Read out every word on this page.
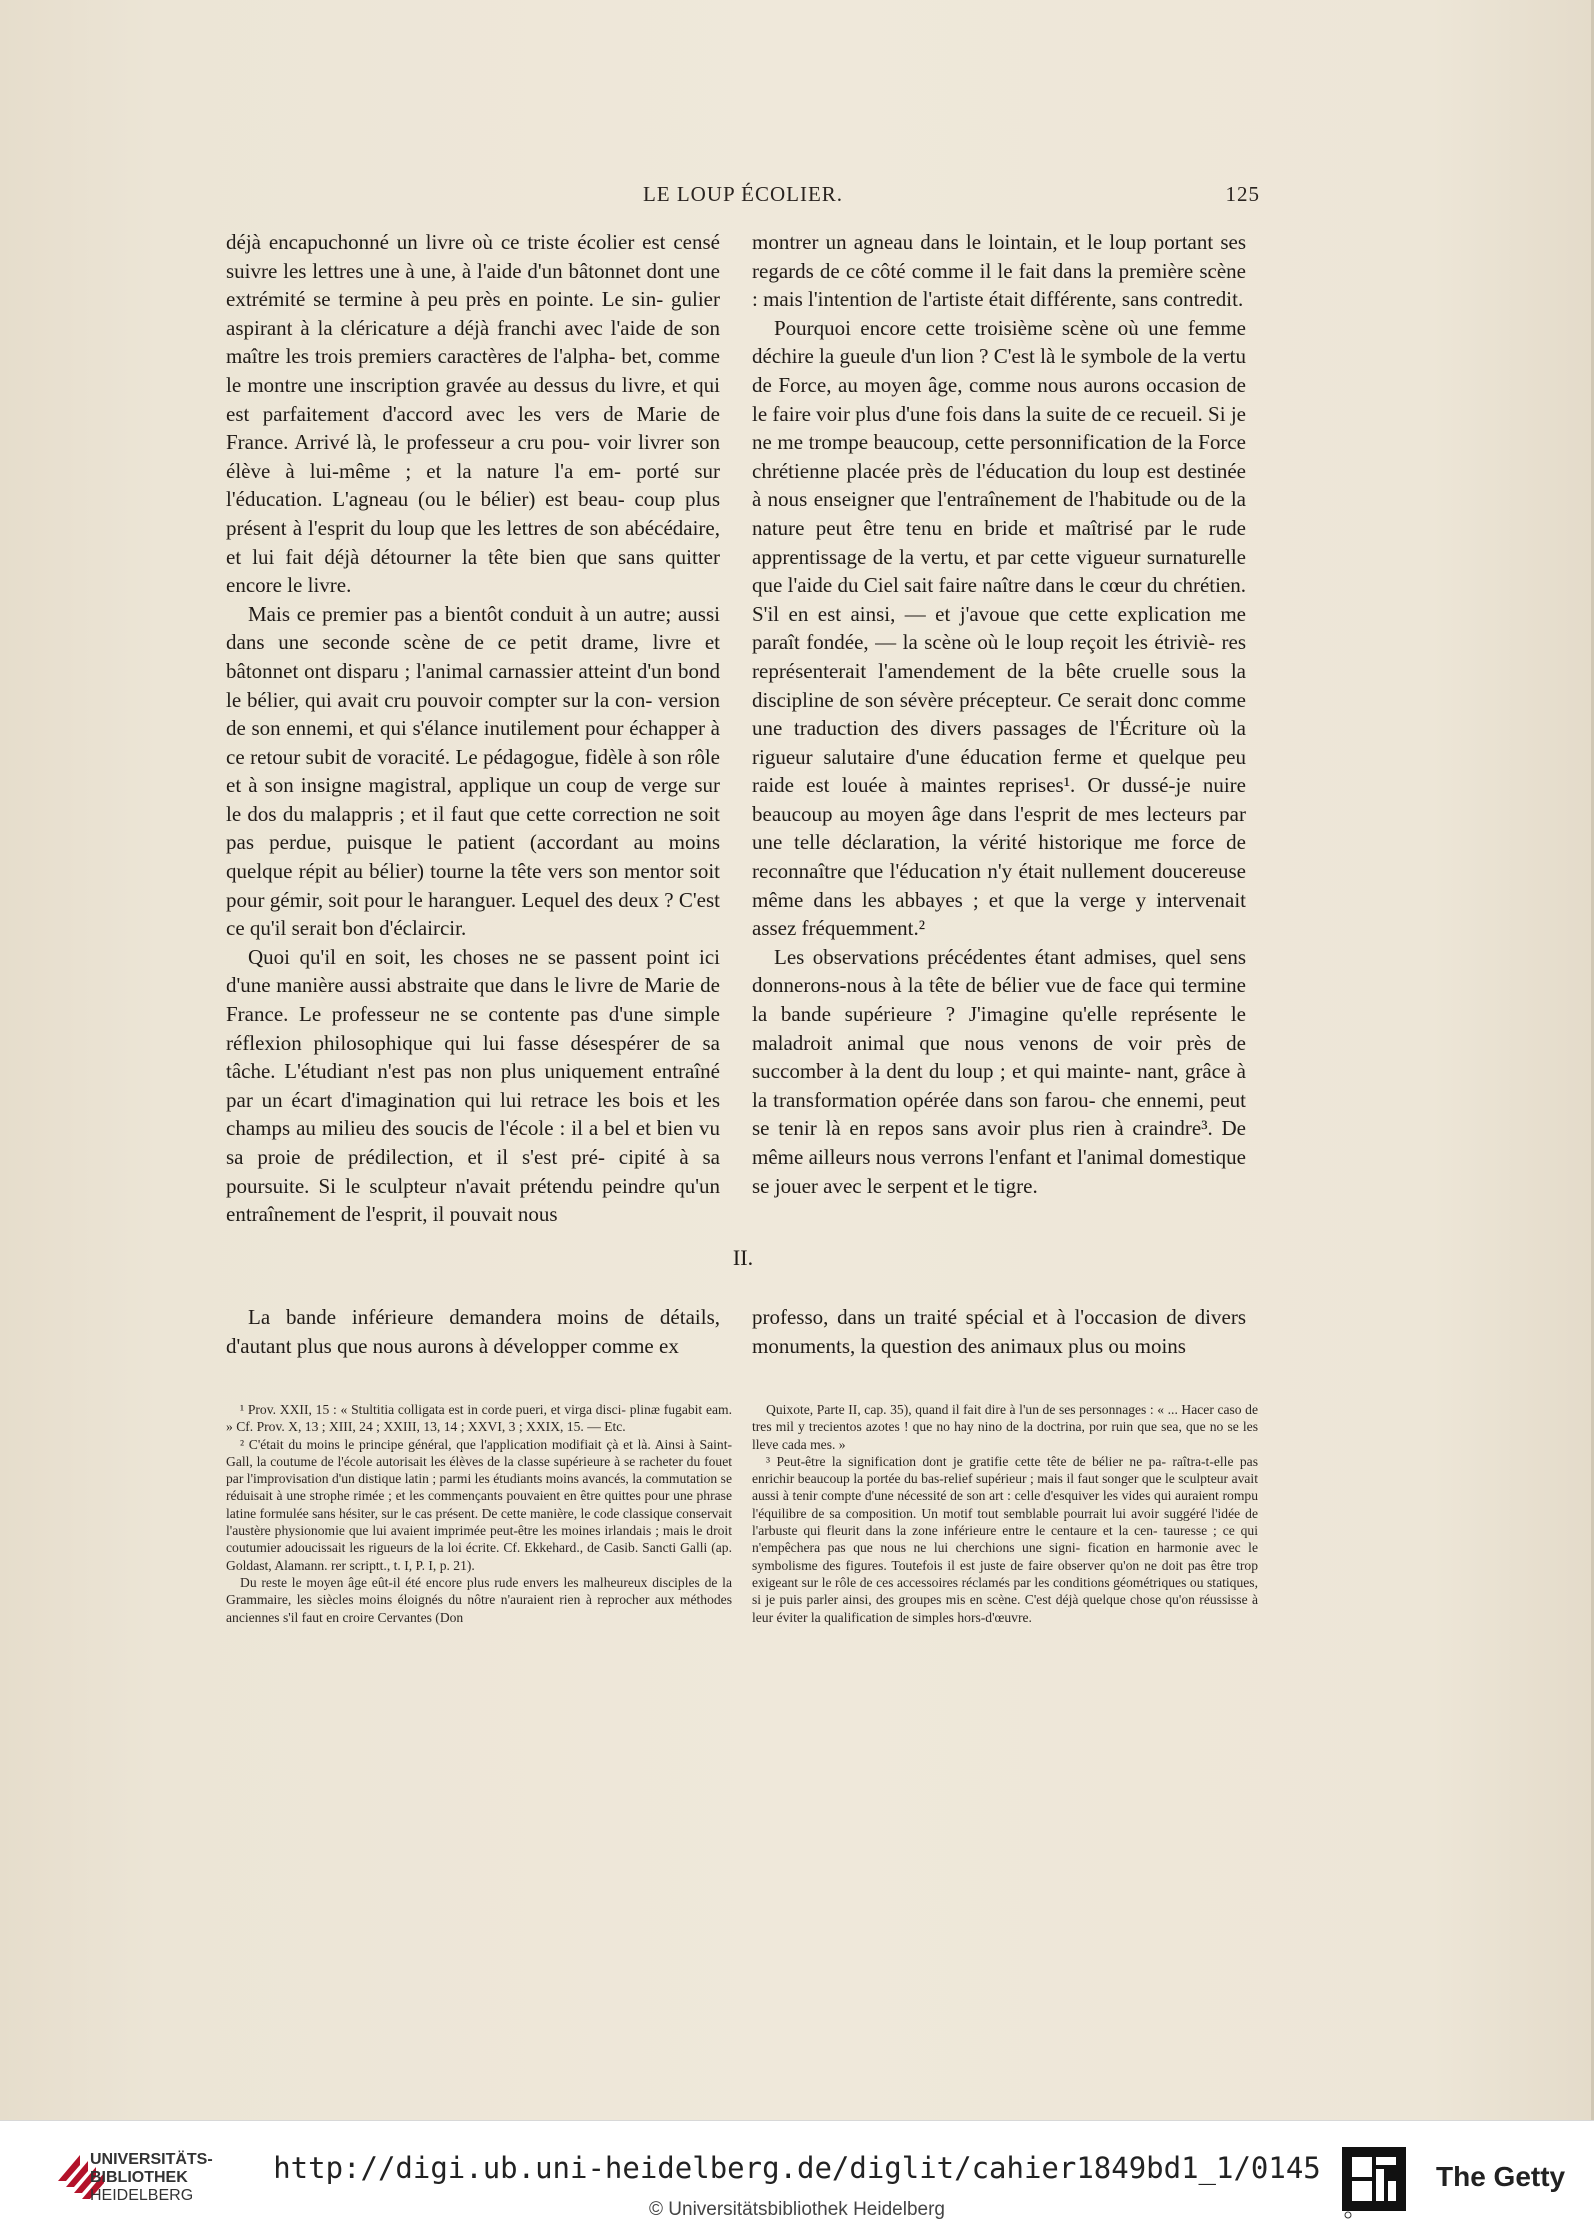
LE LOUP ÉCOLIER.	125

déjà encapuchonné un livre où ce triste écolier est censé suivre les lettres une à une, à l'aide d'un bâtonnet dont une extrémité se termine à peu près en pointe. Le sin- gulier aspirant à la cléricature a déjà franchi avec l'aide de son maître les trois premiers caractères de l'alpha- bet, comme le montre une inscription gravée au dessus du livre, et qui est parfaitement d'accord avec les vers de Marie de France. Arrivé là, le professeur a cru pou- voir livrer son élève à lui-même ; et la nature l'a em- porté sur l'éducation. L'agneau (ou le bélier) est beau- coup plus présent à l'esprit du loup que les lettres de son abécédaire, et lui fait déjà détourner la tête bien que sans quitter encore le livre.

Mais ce premier pas a bientôt conduit à un autre; aussi dans une seconde scène de ce petit drame, livre et bâtonnet ont disparu ; l'animal carnassier atteint d'un bond le bélier, qui avait cru pouvoir compter sur la con- version de son ennemi, et qui s'élance inutilement pour échapper à ce retour subit de voracité. Le pédagogue, fidèle à son rôle et à son insigne magistral, applique un coup de verge sur le dos du malappris ; et il faut que cette correction ne soit pas perdue, puisque le patient (accordant au moins quelque répit au bélier) tourne la tête vers son mentor soit pour gémir, soit pour le haranguer. Lequel des deux ? C'est ce qu'il serait bon d'éclaircir.

Quoi qu'il en soit, les choses ne se passent point ici d'une manière aussi abstraite que dans le livre de Marie de France. Le professeur ne se contente pas d'une simple réflexion philosophique qui lui fasse désespérer de sa tâche. L'étudiant n'est pas non plus uniquement entraîné par un écart d'imagination qui lui retrace les bois et les champs au milieu des soucis de l'école : il a bel et bien vu sa proie de prédilection, et il s'est pré- cipité à sa poursuite. Si le sculpteur n'avait prétendu peindre qu'un entraînement de l'esprit, il pouvait nous

montrer un agneau dans le lointain, et le loup portant ses regards de ce côté comme il le fait dans la première scène : mais l'intention de l'artiste était différente, sans contredit.

Pourquoi encore cette troisième scène où une femme déchire la gueule d'un lion ? C'est là le symbole de la vertu de Force, au moyen âge, comme nous aurons occasion de le faire voir plus d'une fois dans la suite de ce recueil. Si je ne me trompe beaucoup, cette personnification de la Force chrétienne placée près de l'éducation du loup est destinée à nous enseigner que l'entraînement de l'habitude ou de la nature peut être tenu en bride et maîtrisé par le rude apprentissage de la vertu, et par cette vigueur surnaturelle que l'aide du Ciel sait faire naître dans le cœur du chrétien. S'il en est ainsi, — et j'avoue que cette explication me paraît fondée, — la scène où le loup reçoit les étriviè- res représenterait l'amendement de la bête cruelle sous la discipline de son sévère précepteur. Ce serait donc comme une traduction des divers passages de l'Écriture où la rigueur salutaire d'une éducation ferme et quelque peu raide est louée à maintes reprises¹. Or dussé-je nuire beaucoup au moyen âge dans l'esprit de mes lecteurs par une telle déclaration, la vérité historique me force de reconnaître que l'éducation n'y était nullement doucereuse même dans les abbayes ; et que la verge y intervenait assez fréquemment.²

Les observations précédentes étant admises, quel sens donnerons-nous à la tête de bélier vue de face qui termine la bande supérieure ? J'imagine qu'elle représente le maladroit animal que nous venons de voir près de succomber à la dent du loup ; et qui mainte- nant, grâce à la transformation opérée dans son farou- che ennemi, peut se tenir là en repos sans avoir plus rien à craindre³. De même ailleurs nous verrons l'enfant et l'animal domestique se jouer avec le serpent et le tigre.

II.

La bande inférieure demandera moins de détails, d'autant plus que nous aurons à développer comme ex

professo, dans un traité spécial et à l'occasion de divers monuments, la question des animaux plus ou moins

¹ Prov. XXII, 15 : « Stultitia colligata est in corde pueri, et virga disci- plinæ fugabit eam. » Cf. Prov. X, 13 ; XIII, 24 ; XXIII, 13, 14 ; XXVI, 3 ; XXIX, 15. — Etc.

² C'était du moins le principe général, que l'application modifiait çà et là. Ainsi à Saint-Gall, la coutume de l'école autorisait les élèves de la classe supérieure à se racheter du fouet par l'improvisation d'un distique latin ; parmi les étudiants moins avancés, la commutation se réduisait à une strophe rimée ; et les commençants pouvaient en être quittes pour une phrase latine formulée sans hésiter, sur le cas présent. De cette manière, le code classique conservait l'austère physionomie que lui avaient imprimée peut-être les moines irlandais ; mais le droit coutumier adoucissait les rigueurs de la loi écrite. Cf. Ekkehard., de Casib. Sancti Galli (ap. Goldast, Alamann. rer scriptt., t. I, P. I, p. 21).

Du reste le moyen âge eût-il été encore plus rude envers les malheureux disciples de la Grammaire, les siècles moins éloignés du nôtre n'auraient rien à reprocher aux méthodes anciennes s'il faut en croire Cervantes (Don

Quixote, Parte II, cap. 35), quand il fait dire à l'un de ses personnages : « ... Hacer caso de tres mil y trecientos azotes ! que no hay nino de la doctrina, por ruin que sea, que no se les lleve cada mes. »

³ Peut-être la signification dont je gratifie cette tête de bélier ne pa- raîtra-t-elle pas enrichir beaucoup la portée du bas-relief supérieur ; mais il faut songer que le sculpteur avait aussi à tenir compte d'une nécessité de son art : celle d'esquiver les vides qui auraient rompu l'équilibre de sa composition. Un motif tout semblable pourrait lui avoir suggéré l'idée de l'arbuste qui fleurit dans la zone inférieure entre le centaure et la cen- tauresse ; ce qui n'empêchera pas que nous ne lui cherchions une signi- fication en harmonie avec le symbolisme des figures. Toutefois il est juste de faire observer qu'on ne doit pas être trop exigeant sur le rôle de ces accessoires réclamés par les conditions géométriques ou statiques, si je puis parler ainsi, des groupes mis en scène. C'est déjà quelque chose qu'on réussisse à leur éviter la qualification de simples hors-d'œuvre.

UNIVERSITÄTS-
BIBLIOTHEK
HEIDELBERG
http://digi.ub.uni-heidelberg.de/diglit/cahier1849bd1_1/0145
© Universitätsbibliothek Heidelberg
The Getty
